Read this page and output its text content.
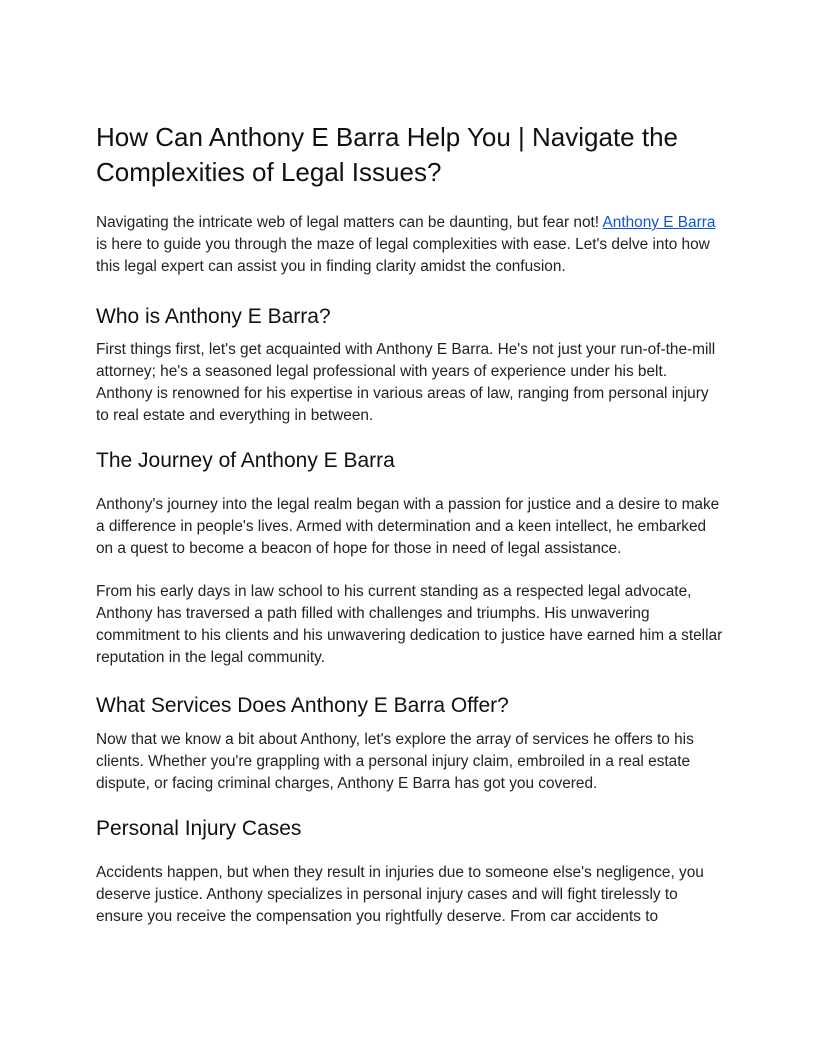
How Can Anthony E Barra Help You | Navigate the Complexities of Legal Issues?

Navigating the intricate web of legal matters can be daunting, but fear not! Anthony E Barra is here to guide you through the maze of legal complexities with ease. Let's delve into how this legal expert can assist you in finding clarity amidst the confusion.

Who is Anthony E Barra?

First things first, let's get acquainted with Anthony E Barra. He's not just your run-of-the-mill attorney; he's a seasoned legal professional with years of experience under his belt. Anthony is renowned for his expertise in various areas of law, ranging from personal injury to real estate and everything in between.

The Journey of Anthony E Barra

Anthony's journey into the legal realm began with a passion for justice and a desire to make a difference in people's lives. Armed with determination and a keen intellect, he embarked on a quest to become a beacon of hope for those in need of legal assistance.

From his early days in law school to his current standing as a respected legal advocate, Anthony has traversed a path filled with challenges and triumphs. His unwavering commitment to his clients and his unwavering dedication to justice have earned him a stellar reputation in the legal community.

What Services Does Anthony E Barra Offer?

Now that we know a bit about Anthony, let's explore the array of services he offers to his clients. Whether you're grappling with a personal injury claim, embroiled in a real estate dispute, or facing criminal charges, Anthony E Barra has got you covered.

Personal Injury Cases

Accidents happen, but when they result in injuries due to someone else's negligence, you deserve justice. Anthony specializes in personal injury cases and will fight tirelessly to ensure you receive the compensation you rightfully deserve. From car accidents to
